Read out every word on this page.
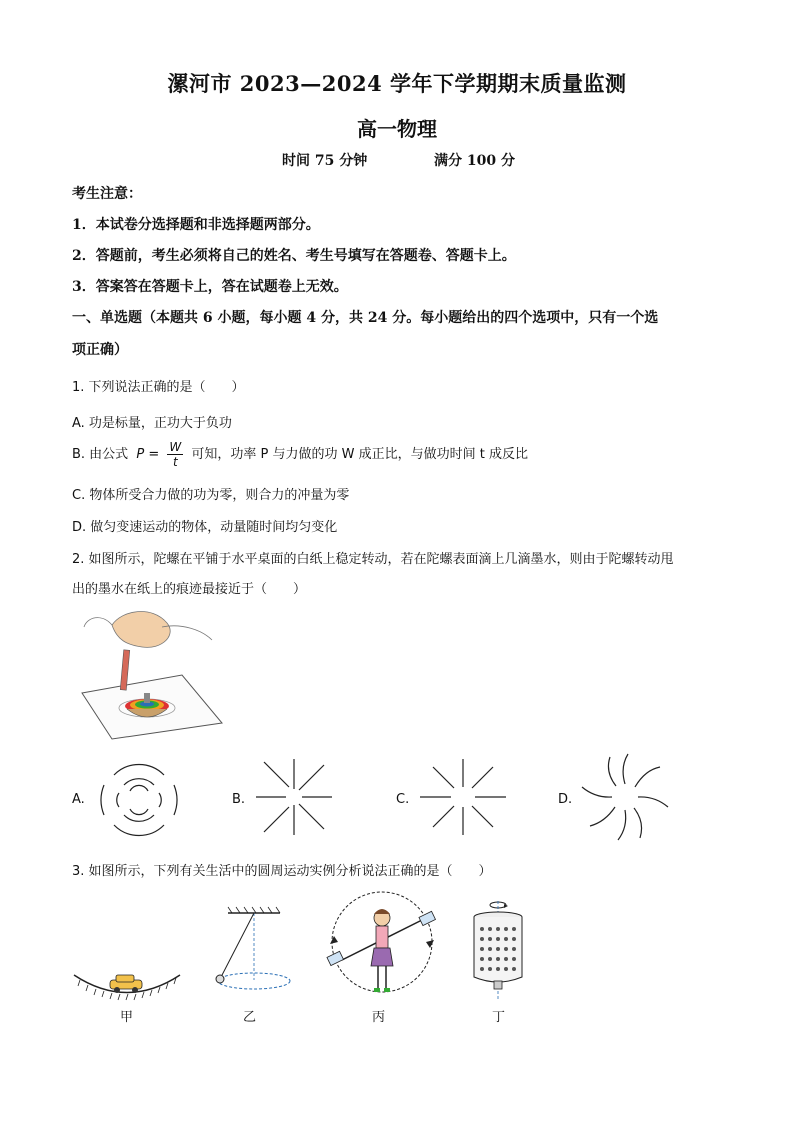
漯河市 2023—2024 学年下学期期末质量监测
高一物理
时间 75 分钟	满分 100 分
考生注意：
1．本试卷分选择题和非选择题两部分。
2．答题前，考生必须将自己的姓名、考生号填写在答题卷、答题卡上。
3．答案答在答题卡上，答在试题卷上无效。
一、单选题（本题共 6 小题，每小题 4 分，共 24 分。每小题给出的四个选项中，只有一个选
项正确）
1. 下列说法正确的是（　　）
A. 功是标量，正功大于负功
B. 由公式 $P = \frac{W}{t}$ 可知，功率 P 与力做的功 W 成正比，与做功时间 t 成反比
C. 物体所受合力做的功为零，则合力的冲量为零
D. 做匀变速运动的物体，动量随时间均匀变化
2. 如图所示，陀螺在平铺于水平桌面的白纸上稳定转动，若在陀螺表面滴上几滴墨水，则由于陀螺转动甩
出的墨水在纸上的痕迹最接近于（　　）
A.	B.	C.	D.
3. 如图所示，下列有关生活中的圆周运动实例分析说法正确的是（　　）
甲	乙	丙	丁
